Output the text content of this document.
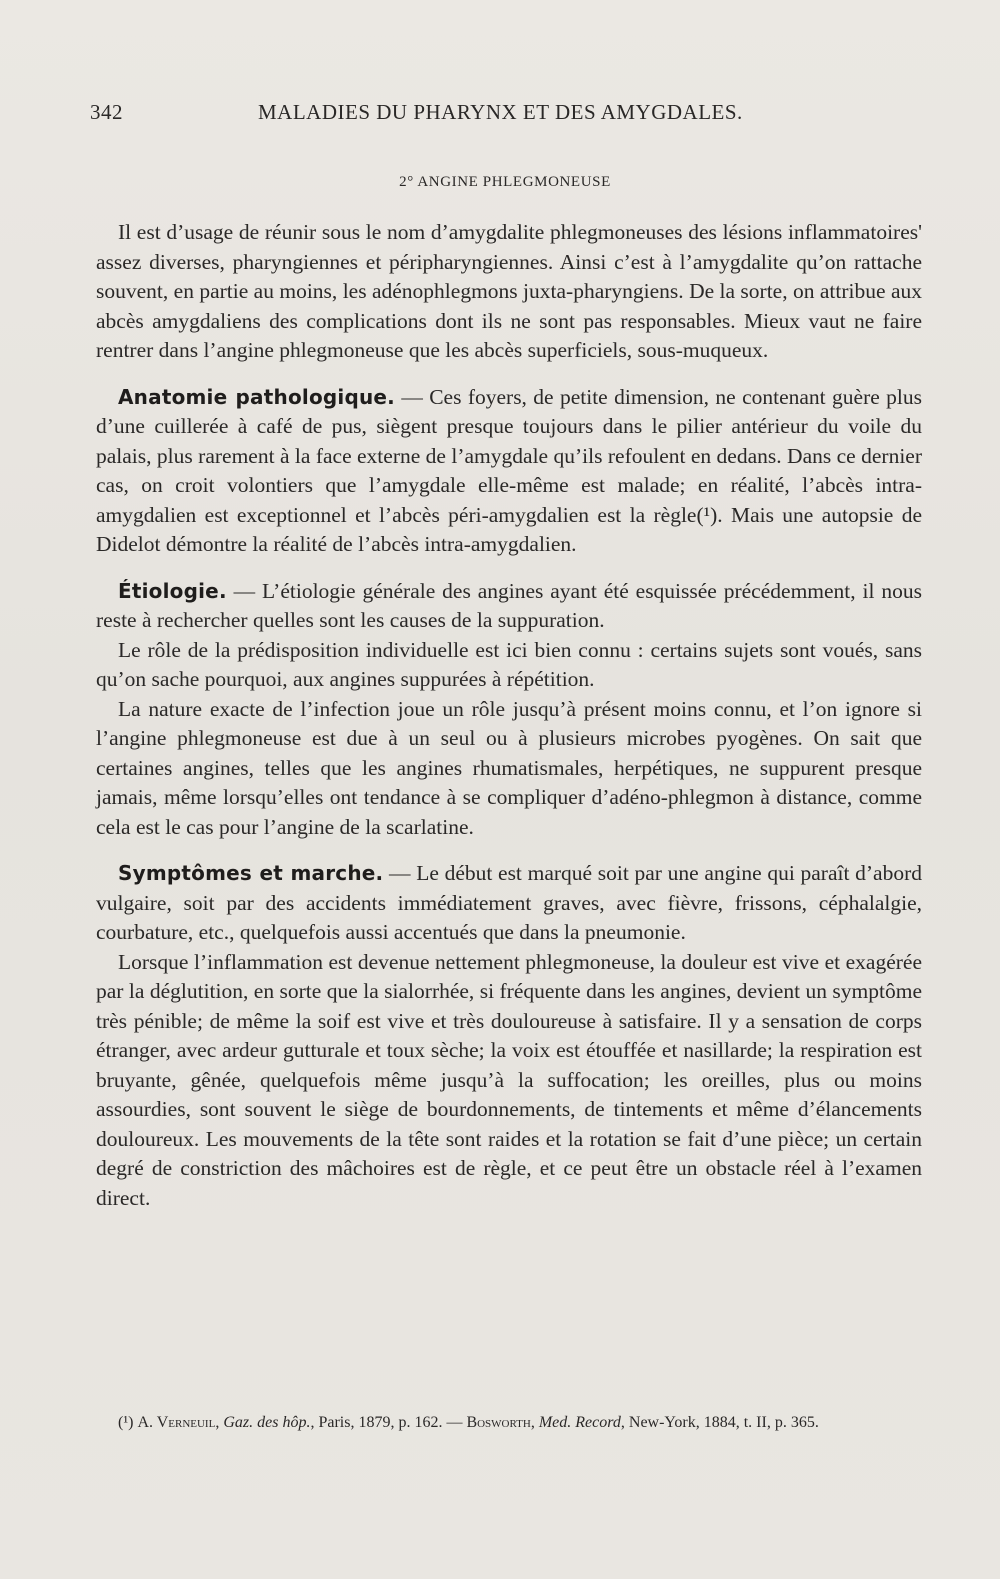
342	MALADIES DU PHARYNX ET DES AMYGDALES.
2° ANGINE PHLEGMONEUSE

Il est d’usage de réunir sous le nom d’amygdalite phlegmoneuses des lésions inflammatoires' assez diverses, pharyngiennes et péripharyngiennes. Ainsi c’est à l’amygdalite qu’on rattache souvent, en partie au moins, les adénophlegmons juxta-pharyngiens. De la sorte, on attribue aux abcès amygdaliens des complications dont ils ne sont pas responsables. Mieux vaut ne faire rentrer dans l’angine phlegmoneuse que les abcès superficiels, sous-muqueux.

Anatomie pathologique. — Ces foyers, de petite dimension, ne contenant guère plus d’une cuillerée à café de pus, siègent presque toujours dans le pilier antérieur du voile du palais, plus rarement à la face externe de l’amygdale qu’ils refoulent en dedans. Dans ce dernier cas, on croit volontiers que l’amygdale elle-même est malade; en réalité, l’abcès intra-amygdalien est exceptionnel et l’abcès péri-amygdalien est la règle(¹). Mais une autopsie de Didelot démontre la réalité de l’abcès intra-amygdalien.

Étiologie. — L’étiologie générale des angines ayant été esquissée précédemment, il nous reste à rechercher quelles sont les causes de la suppuration.

Le rôle de la prédisposition individuelle est ici bien connu : certains sujets sont voués, sans qu’on sache pourquoi, aux angines suppurées à répétition.

La nature exacte de l’infection joue un rôle jusqu’à présent moins connu, et l’on ignore si l’angine phlegmoneuse est due à un seul ou à plusieurs microbes pyogènes. On sait que certaines angines, telles que les angines rhumatismales, herpétiques, ne suppurent presque jamais, même lorsqu’elles ont tendance à se compliquer d’adéno-phlegmon à distance, comme cela est le cas pour l’angine de la scarlatine.

Symptômes et marche. — Le début est marqué soit par une angine qui paraît d’abord vulgaire, soit par des accidents immédiatement graves, avec fièvre, frissons, céphalalgie, courbature, etc., quelquefois aussi accentués que dans la pneumonie.

Lorsque l’inflammation est devenue nettement phlegmoneuse, la douleur est vive et exagérée par la déglutition, en sorte que la sialorrhée, si fréquente dans les angines, devient un symptôme très pénible; de même la soif est vive et très douloureuse à satisfaire. Il y a sensation de corps étranger, avec ardeur gutturale et toux sèche; la voix est étouffée et nasillarde; la respiration est bruyante, gênée, quelquefois même jusqu’à la suffocation; les oreilles, plus ou moins assourdies, sont souvent le siège de bourdonnements, de tintements et même d’élancements douloureux. Les mouvements de la tête sont raides et la rotation se fait d’une pièce; un certain degré de constriction des mâchoires est de règle, et ce peut être un obstacle réel à l’examen direct.

(¹) A. Verneuil, Gaz. des hôp., Paris, 1879, p. 162. — Bosworth, Med. Record, New-York, 1884, t. II, p. 365.
